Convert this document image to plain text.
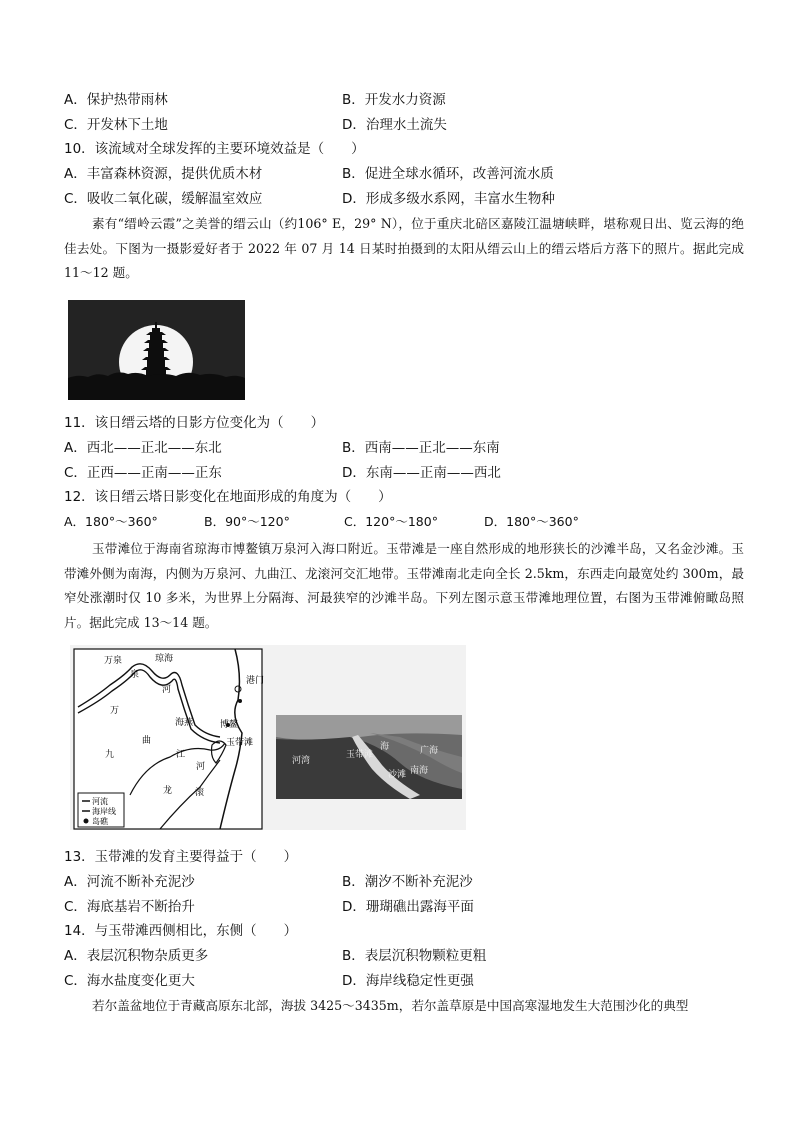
A．保护热带雨林	B．开发水力资源
C．开发林下土地	D．治理水土流失
10．该流域对全球发挥的主要环境效益是（　　）
A．丰富森林资源，提供优质木材	B．促进全球水循环，改善河流水质
C．吸收二氧化碳，缓解温室效应	D．形成多级水系网，丰富水生物种
素有“缙岭云霞”之美誉的缙云山（约106° E，29° N），位于重庆北碚区嘉陵江温塘峡畔，堪称观日出、览云海的绝佳去处。下图为一摄影爱好者于 2022 年 07 月 14 日某时拍摄到的太阳从缙云山上的缙云塔后方落下的照片。据此完成 11～12 题。
11．该日缙云塔的日影方位变化为（　　）
A．西北——正北——东北	B．西南——正北——东南
C．正西——正南——正东	D．东南——正南——西北
12．该日缙云塔日影变化在地面形成的角度为（　　）
A．180°～360°	B．90°～120°	C．120°～180°	D．180°～360°
玉带滩位于海南省琼海市博鳌镇万泉河入海口附近。玉带滩是一座自然形成的地形狭长的沙滩半岛，又名金沙滩。玉带滩外侧为南海，内侧为万泉河、九曲江、龙滚河交汇地带。玉带滩南北走向全长 2.5km，东西走向最宽处约 300m，最窄处涨潮时仅 10 多米，为世界上分隔海、河最狭窄的沙滩半岛。下列左图示意玉带滩地理位置，右图为玉带滩俯瞰岛照片。据此完成 13～14 题。
万泉	琼海
河
万
泉
海燕	博鳌
玉带滩
曲
江
九
河
龙	滚
港门
河流
海岸线
岛礁
河湾
玉带滩
海	广海
沙滩 南海
13．玉带滩的发育主要得益于（　　）
A．河流不断补充泥沙	B．潮汐不断补充泥沙
C．海底基岩不断抬升	D．珊瑚礁出露海平面
14．与玉带滩西侧相比，东侧（　　）
A．表层沉积物杂质更多	B．表层沉积物颗粒更粗
C．海水盐度变化更大	D．海岸线稳定性更强
若尔盖盆地位于青藏高原东北部，海拔 3425～3435m，若尔盖草原是中国高寒湿地发生大范围沙化的典型
